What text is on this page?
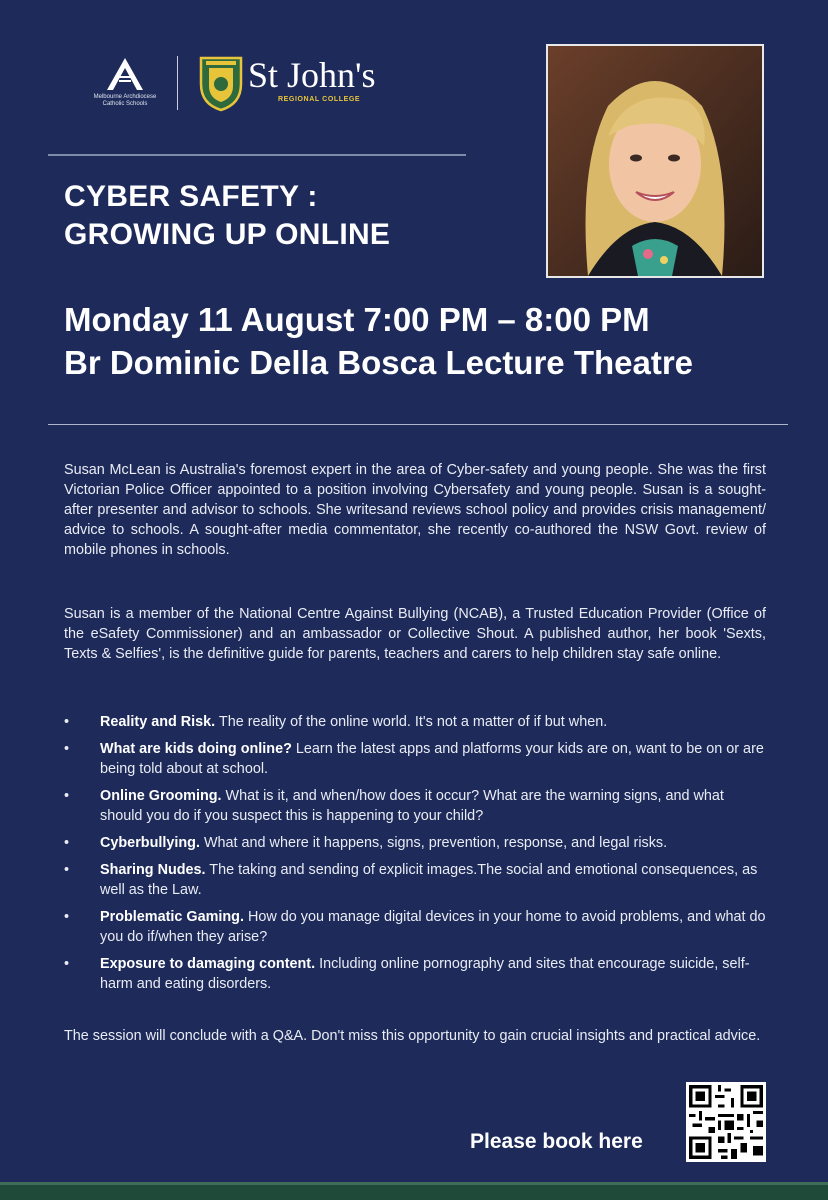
Melbourne Archdiocese
Catholic Schools
St John's
REGIONAL COLLEGE
CYBER SAFETY :
GROWING UP ONLINE
Monday 11 August 7:00 PM – 8:00 PM
Br Dominic Della Bosca Lecture Theatre

Susan McLean is Australia's foremost expert in the area of Cyber-safety and young people. She was the first Victorian Police Officer appointed to a position involving Cybersafety and young people. Susan is a sought-after presenter and advisor to schools. She writesand reviews school policy and provides crisis management/ advice to schools. A sought-after media commentator, she recently co-authored the NSW Govt. review of mobile phones in schools.

Susan is a member of the National Centre Against Bullying (NCAB), a Trusted Education Provider (Office of the eSafety Commissioner) and an ambassador or Collective Shout. A published author, her book 'Sexts, Texts & Selfies', is the definitive guide for parents, teachers and carers to help children stay safe online.

• Reality and Risk. The reality of the online world. It's not a matter of if but when.
• What are kids doing online? Learn the latest apps and platforms your kids are on, want to be on or are being told about at school.
• Online Grooming. What is it, and when/how does it occur? What are the warning signs, and what should you do if you suspect this is happening to your child?
• Cyberbullying. What and where it happens, signs, prevention, response, and legal risks.
• Sharing Nudes. The taking and sending of explicit images.The social and emotional consequences, as well as the Law.
• Problematic Gaming. How do you manage digital devices in your home to avoid problems, and what do you do if/when they arise?
• Exposure to damaging content. Including online pornography and sites that encourage suicide, self-harm and eating disorders.

The session will conclude with a Q&A. Don't miss this opportunity to gain crucial insights and practical advice.

Please book here
